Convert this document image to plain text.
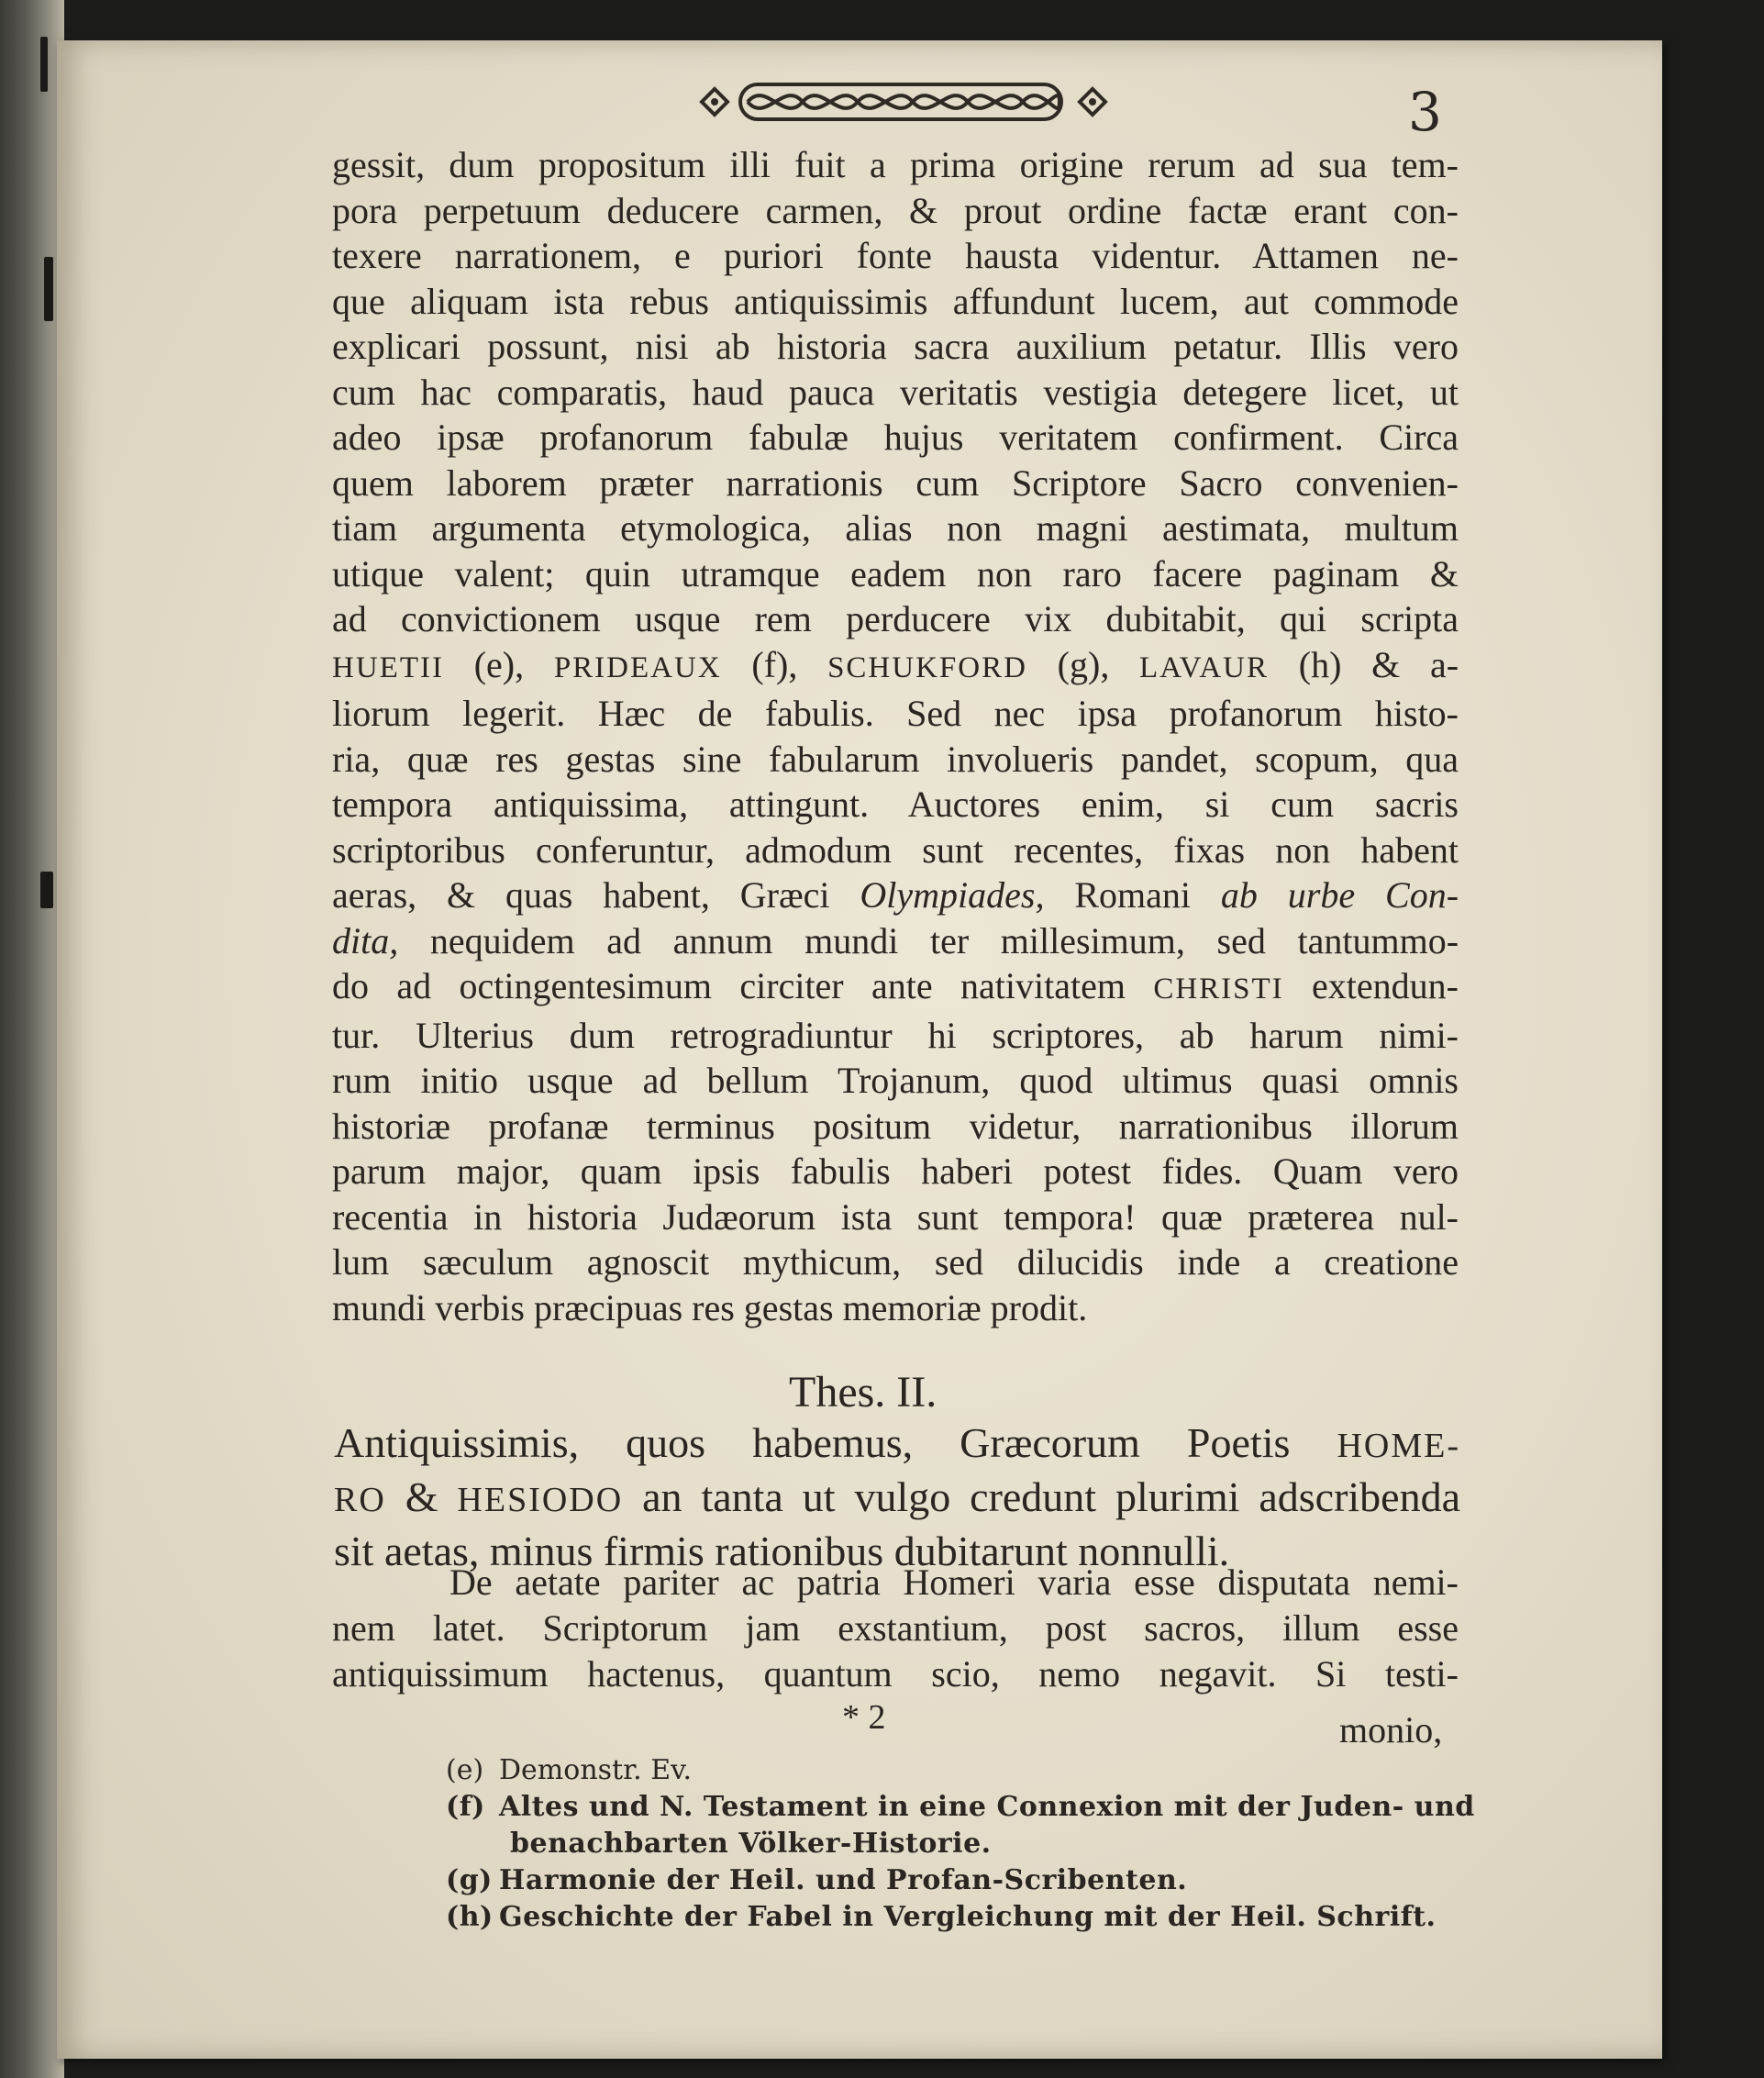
3
gessit, dum propositum illi fuit a prima origine rerum ad sua tem-
pora perpetuum deducere carmen, & prout ordine factæ erant con-
texere narrationem, e puriori fonte hausta videntur. Attamen ne-
que aliquam ista rebus antiquissimis affundunt lucem, aut commode
explicari possunt, nisi ab historia sacra auxilium petatur. Illis vero
cum hac comparatis, haud pauca veritatis vestigia detegere licet, ut
adeo ipsæ profanorum fabulæ hujus veritatem confirment. Circa
quem laborem præter narrationis cum Scriptore Sacro convenien-
tiam argumenta etymologica, alias non magni aestimata, multum
utique valent; quin utramque eadem non raro facere paginam &
ad convictionem usque rem perducere vix dubitabit, qui scripta
HUETII (e), PRIDEAUX (f), SCHUKFORD (g), LAVAUR (h) & a-
liorum legerit. Hæc de fabulis. Sed nec ipsa profanorum histo-
ria, quæ res gestas sine fabularum involueris pandet, scopum, qua
tempora antiquissima, attingunt. Auctores enim, si cum sacris
scriptoribus conferuntur, admodum sunt recentes, fixas non habent
aeras, & quas habent, Græci Olympiades, Romani ab urbe Con-
dita, nequidem ad annum mundi ter millesimum, sed tantummo-
do ad octingentesimum circiter ante nativitatem CHRISTI extendun-
tur. Ulterius dum retrogradiuntur hi scriptores, ab harum nimi-
rum initio usque ad bellum Trojanum, quod ultimus quasi omnis
historiæ profanæ terminus positum videtur, narrationibus illorum
parum major, quam ipsis fabulis haberi potest fides. Quam vero
recentia in historia Judæorum ista sunt tempora! quæ præterea nul-
lum sæculum agnoscit mythicum, sed dilucidis inde a creatione
mundi verbis præcipuas res gestas memoriæ prodit.
Thes. II.
Antiquissimis, quos habemus, Græcorum Poetis HOME-
RO & HESIODO an tanta ut vulgo credunt plurimi adscribenda
sit aetas, minus firmis rationibus dubitarunt nonnulli.
De aetate pariter ac patria Homeri varia esse disputata nemi-
nem latet. Scriptorum jam exstantium, post sacros, illum esse
antiquissimum hactenus, quantum scio, nemo negavit. Si testi-
* 2	monio,
(e) Demonstr. Ev.
(f) Altes und N. Testament in eine Connexion mit der Juden- und
benachbarten Völker-Historie.
(g) Harmonie der Heil. und Profan-Scribenten.
(h) Geschichte der Fabel in Vergleichung mit der Heil. Schrift.
